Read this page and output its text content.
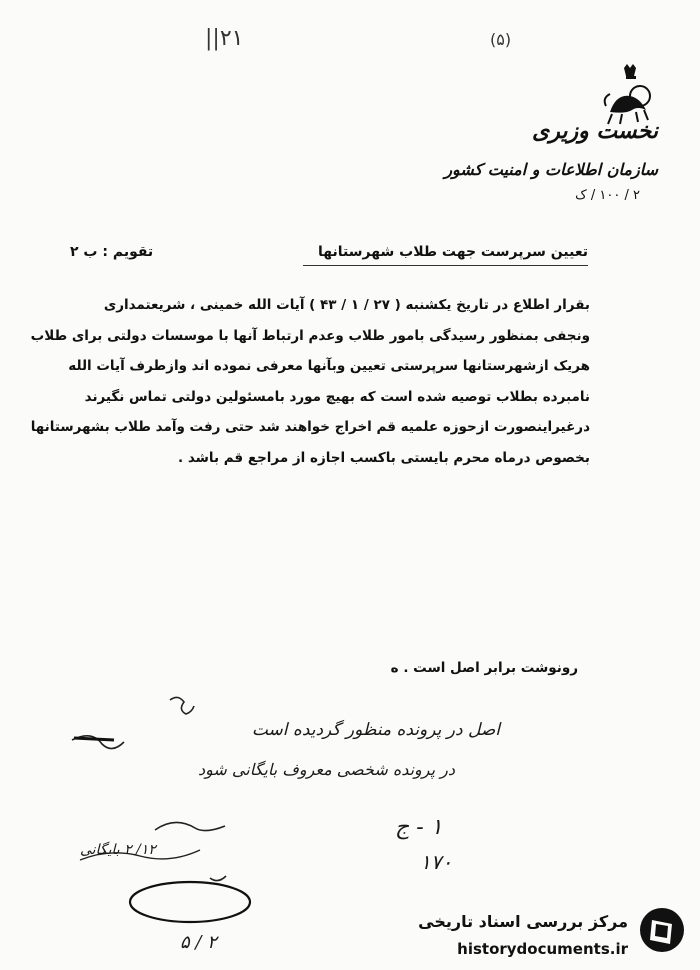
||۲۱	(۵)
نخست وزیری
سازمان اطلاعات و امنیت کشور
۲ / ۱۰۰ / ک
تعیین سرپرست جهت طلاب شهرستانها
تقویم : ب ۲

بقرار اطلاع در تاریخ یکشنبه ( ۲۷ / ۱ / ۴۳ ) آیات الله خمینی ، شریعتمداری

ونجفی بمنظور رسیدگی بامور طلاب وعدم ارتباط آنها با موسسات دولتی برای طلاب

هریک ازشهرستانها سرپرستی تعیین وبآنها معرفی نموده اند وازطرف آیات الله

نامبرده بطلاب توصیه شده است که بهیچ مورد بامسئولین دولتی تماس نگیرند

درغیراینصورت ازحوزه علمیه قم اخراج خواهند شد حتی رفت وآمد طلاب بشهرستانها

بخصوص درماه محرم بایستی باکسب اجازه از مراجع قم باشد .

رونوشت برابر اصل است . ه
اصل در پرونده منظور گردیده است
در پرونده شخصی معروف بایگانی شود
۱ - ج
۱۷۰
۱۲/ ۲ بایگانی
۵ / ۲
مرکز بررسی اسناد تاریخی
historydocuments.ir
